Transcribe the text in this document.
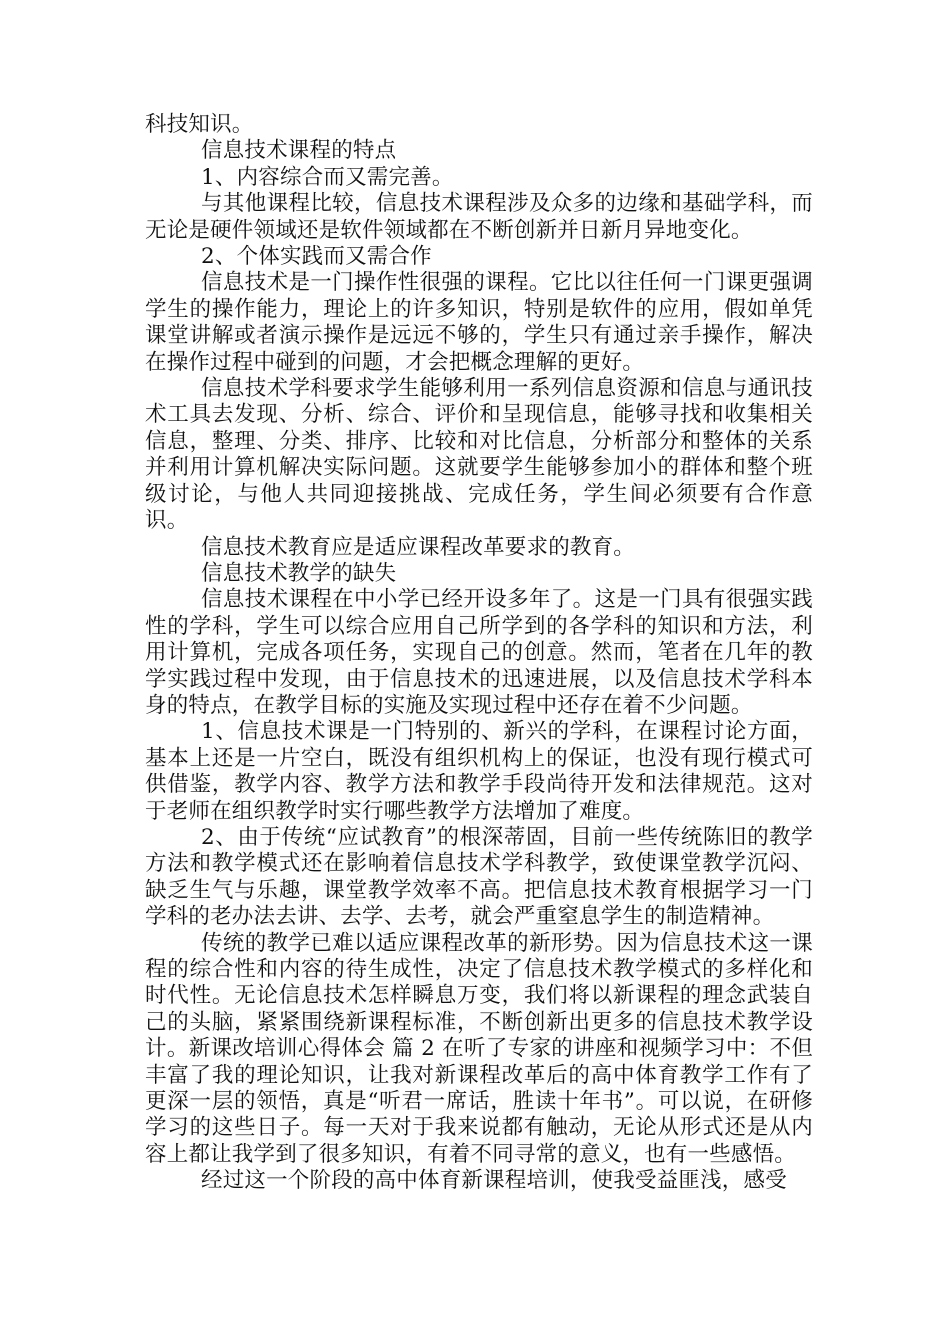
科技知识。

信息技术课程的特点

1、内容综合而又需完善。

与其他课程比较，信息技术课程涉及众多的边缘和基础学科，而无论是硬件领域还是软件领域都在不断创新并日新月异地变化。

2、个体实践而又需合作

信息技术是一门操作性很强的课程。它比以往任何一门课更强调学生的操作能力，理论上的许多知识，特别是软件的应用，假如单凭课堂讲解或者演示操作是远远不够的，学生只有通过亲手操作，解决在操作过程中碰到的问题，才会把概念理解的更好。

信息技术学科要求学生能够利用一系列信息资源和信息与通讯技术工具去发现、分析、综合、评价和呈现信息，能够寻找和收集相关信息，整理、分类、排序、比较和对比信息，分析部分和整体的关系并利用计算机解决实际问题。这就要学生能够参加小的群体和整个班级讨论，与他人共同迎接挑战、完成任务，学生间必须要有合作意识。

信息技术教育应是适应课程改革要求的教育。

信息技术教学的缺失

信息技术课程在中小学已经开设多年了。这是一门具有很强实践性的学科，学生可以综合应用自己所学到的各学科的知识和方法，利用计算机，完成各项任务，实现自己的创意。然而，笔者在几年的教学实践过程中发现，由于信息技术的迅速进展，以及信息技术学科本身的特点，在教学目标的实施及实现过程中还存在着不少问题。

1、信息技术课是一门特别的、新兴的学科，在课程讨论方面，基本上还是一片空白，既没有组织机构上的保证，也没有现行模式可供借鉴，教学内容、教学方法和教学手段尚待开发和法律规范。这对于老师在组织教学时实行哪些教学方法增加了难度。

2、由于传统“应试教育”的根深蒂固，目前一些传统陈旧的教学方法和教学模式还在影响着信息技术学科教学，致使课堂教学沉闷、缺乏生气与乐趣，课堂教学效率不高。把信息技术教育根据学习一门学科的老办法去讲、去学、去考，就会严重窒息学生的制造精神。

传统的教学已难以适应课程改革的新形势。因为信息技术这一课程的综合性和内容的待生成性，决定了信息技术教学模式的多样化和时代性。无论信息技术怎样瞬息万变，我们将以新课程的理念武装自己的头脑，紧紧围绕新课程标准，不断创新出更多的信息技术教学设计。新课改培训心得体会 篇 2 在听了专家的讲座和视频学习中：不但丰富了我的理论知识，让我对新课程改革后的高中体育教学工作有了更深一层的领悟，真是“听君一席话，胜读十年书”。可以说，在研修学习的这些日子。每一天对于我来说都有触动，无论从形式还是从内容上都让我学到了很多知识，有着不同寻常的意义，也有一些感悟。

经过这一个阶段的高中体育新课程培训，使我受益匪浅，感受
